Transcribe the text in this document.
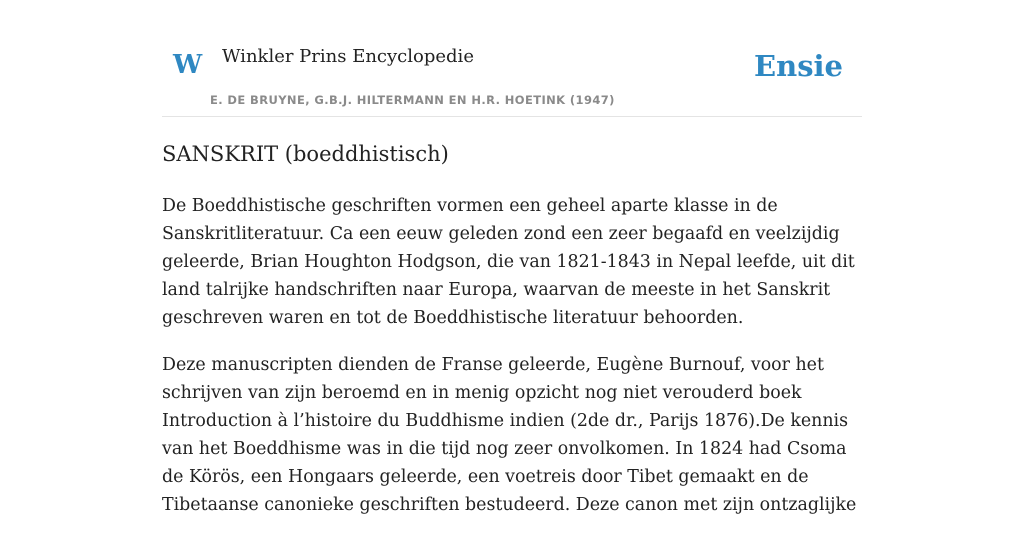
W Winkler Prins Encyclopedie
E. DE BRUYNE, G.B.J. HILTERMANN EN H.R. HOETINK (1947)
Ensie
SANSKRIT (boeddhistisch)

De Boeddhistische geschriften vormen een geheel aparte klasse in de Sanskritliteratuur. Ca een eeuw geleden zond een zeer begaafd en veelzijdig geleerde, Brian Houghton Hodgson, die van 1821-1843 in Nepal leefde, uit dit land talrijke handschriften naar Europa, waarvan de meeste in het Sanskrit geschreven waren en tot de Boeddhistische literatuur behoorden.

Deze manuscripten dienden de Franse geleerde, Eugène Burnouf, voor het schrijven van zijn beroemd en in menig opzicht nog niet verouderd boek Introduction à l’histoire du Buddhisme indien (2de dr., Parijs 1876).De kennis van het Boeddhisme was in die tijd nog zeer onvolkomen. In 1824 had Csoma de Körös, een Hongaars geleerde, een voetreis door Tibet gemaakt en de Tibetaanse canonieke geschriften bestudeerd. Deze canon met zijn ontzaglijke
